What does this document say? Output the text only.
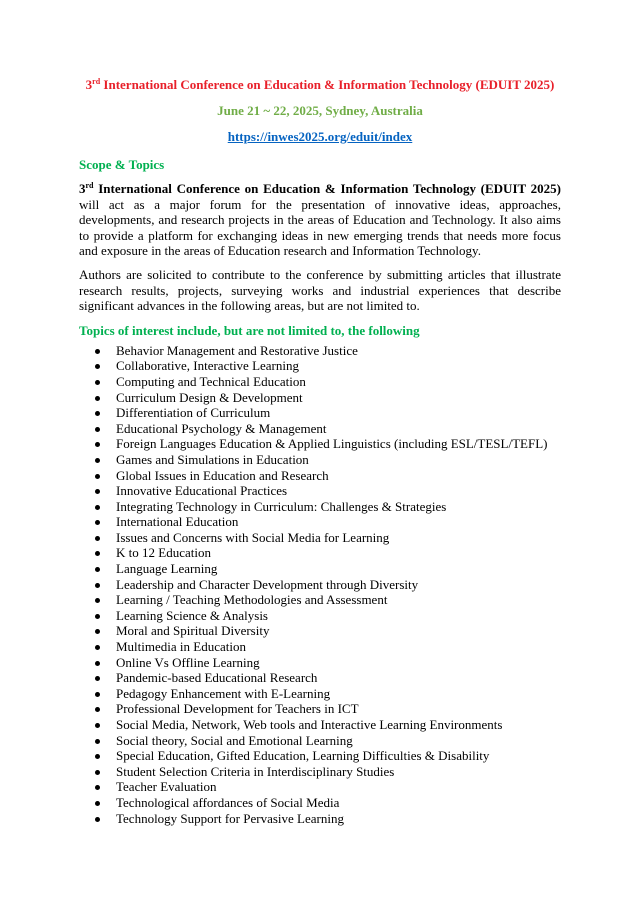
3rd International Conference on Education & Information Technology (EDUIT 2025)
June 21 ~ 22, 2025, Sydney, Australia
https://inwes2025.org/eduit/index
Scope & Topics

3rd International Conference on Education & Information Technology (EDUIT 2025) will act as a major forum for the presentation of innovative ideas, approaches, developments, and research projects in the areas of Education and Technology. It also aims to provide a platform for exchanging ideas in new emerging trends that needs more focus and exposure in the areas of Education research and Information Technology.

Authors are solicited to contribute to the conference by submitting articles that illustrate research results, projects, surveying works and industrial experiences that describe significant advances in the following areas, but are not limited to.

Topics of interest include, but are not limited to, the following
Behavior Management and Restorative Justice
Collaborative, Interactive Learning
Computing and Technical Education
Curriculum Design & Development
Differentiation of Curriculum
Educational Psychology & Management
Foreign Languages Education & Applied Linguistics (including ESL/TESL/TEFL)
Games and Simulations in Education
Global Issues in Education and Research
Innovative Educational Practices
Integrating Technology in Curriculum: Challenges & Strategies
International Education
Issues and Concerns with Social Media for Learning
K to 12 Education
Language Learning
Leadership and Character Development through Diversity
Learning / Teaching Methodologies and Assessment
Learning Science & Analysis
Moral and Spiritual Diversity
Multimedia in Education
Online Vs Offline Learning
Pandemic-based Educational Research
Pedagogy Enhancement with E-Learning
Professional Development for Teachers in ICT
Social Media, Network, Web tools and Interactive Learning Environments
Social theory, Social and Emotional Learning
Special Education, Gifted Education, Learning Difficulties & Disability
Student Selection Criteria in Interdisciplinary Studies
Teacher Evaluation
Technological affordances of Social Media
Technology Support for Pervasive Learning
